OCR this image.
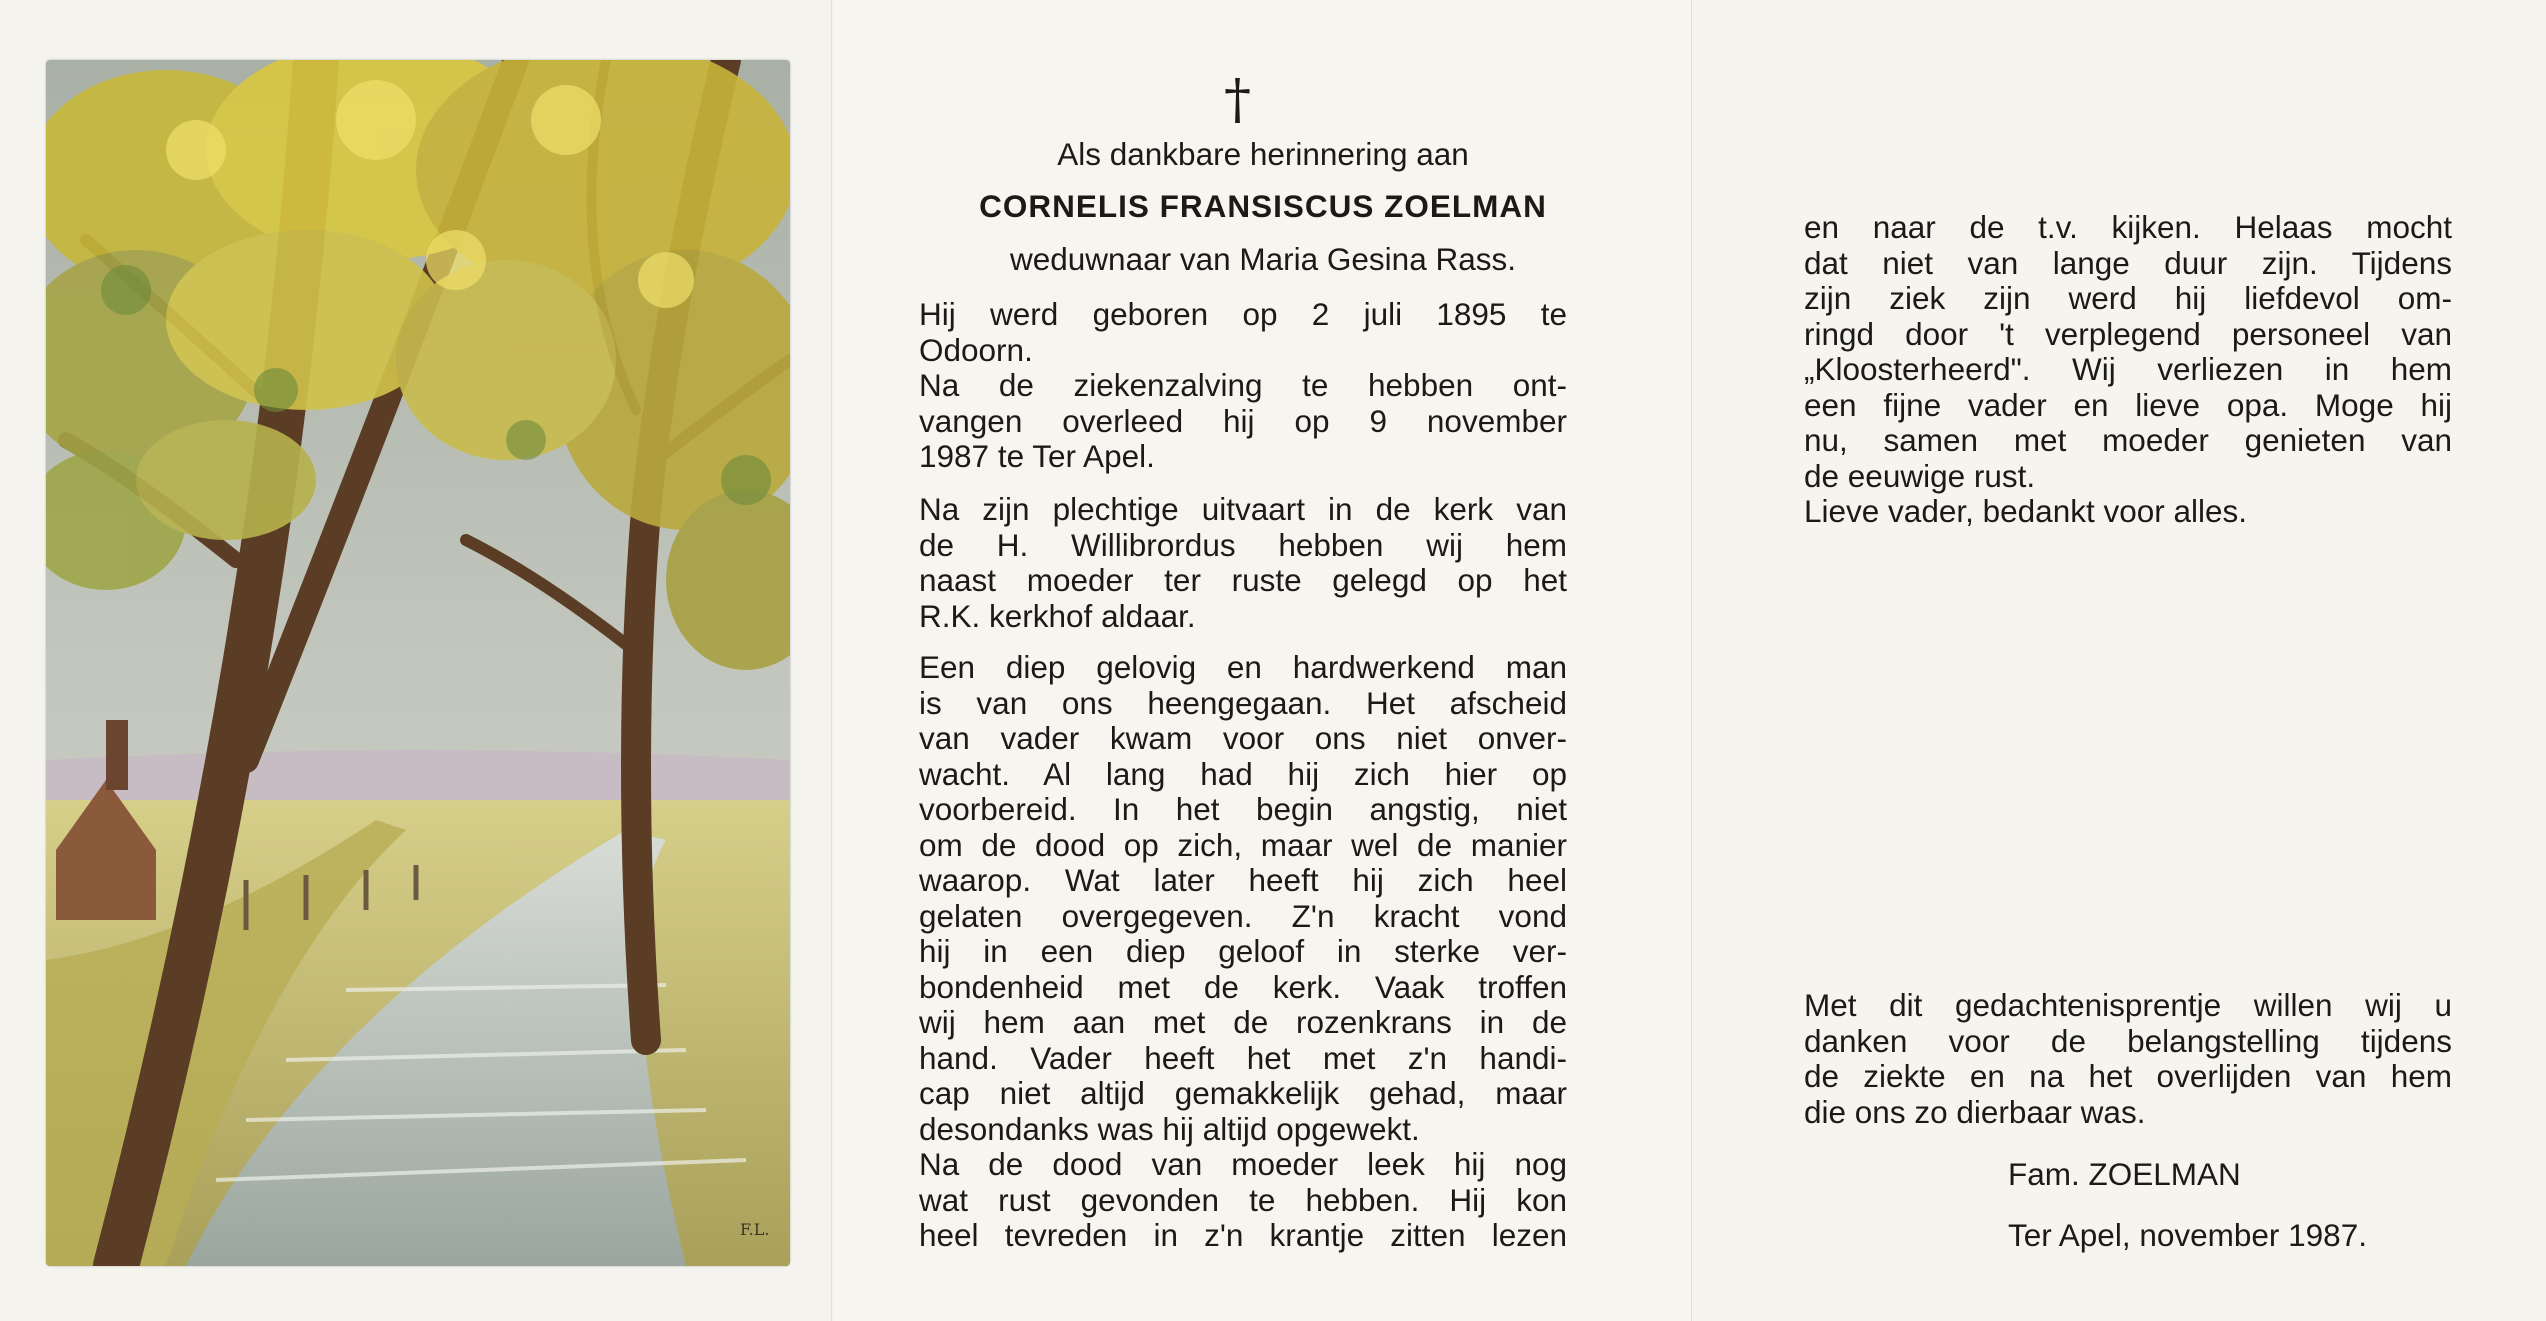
F.L.
†
Als dankbare herinnering aan
CORNELIS FRANSISCUS ZOELMAN
weduwnaar van Maria Gesina Rass.
Hij werd geboren op 2 juli 1895 te
Odoorn.
Na de ziekenzalving te hebben ont-
vangen overleed hij op 9 november
1987 te Ter Apel.
Na zijn plechtige uitvaart in de kerk van
de H. Willibrordus hebben wij hem
naast moeder ter ruste gelegd op het
R.K. kerkhof aldaar.
Een diep gelovig en hardwerkend man
is van ons heengegaan. Het afscheid
van vader kwam voor ons niet onver-
wacht. Al lang had hij zich hier op
voorbereid. In het begin angstig, niet
om de dood op zich, maar wel de manier
waarop. Wat later heeft hij zich heel
gelaten overgegeven. Z'n kracht vond
hij in een diep geloof in sterke ver-
bondenheid met de kerk. Vaak troffen
wij hem aan met de rozenkrans in de
hand. Vader heeft het met z'n handi-
cap niet altijd gemakkelijk gehad, maar
desondanks was hij altijd opgewekt.
Na de dood van moeder leek hij nog
wat rust gevonden te hebben. Hij kon
heel tevreden in z'n krantje zitten lezen
en naar de t.v. kijken. Helaas mocht
dat niet van lange duur zijn. Tijdens
zijn ziek zijn werd hij liefdevol om-
ringd door 't verplegend personeel van
„Kloosterheerd". Wij verliezen in hem
een fijne vader en lieve opa. Moge hij
nu, samen met moeder genieten van
de eeuwige rust.
Lieve vader, bedankt voor alles.
Met dit gedachtenisprentje willen wij u
danken voor de belangstelling tijdens
de ziekte en na het overlijden van hem
die ons zo dierbaar was.
Fam. ZOELMAN
Ter Apel, november 1987.
